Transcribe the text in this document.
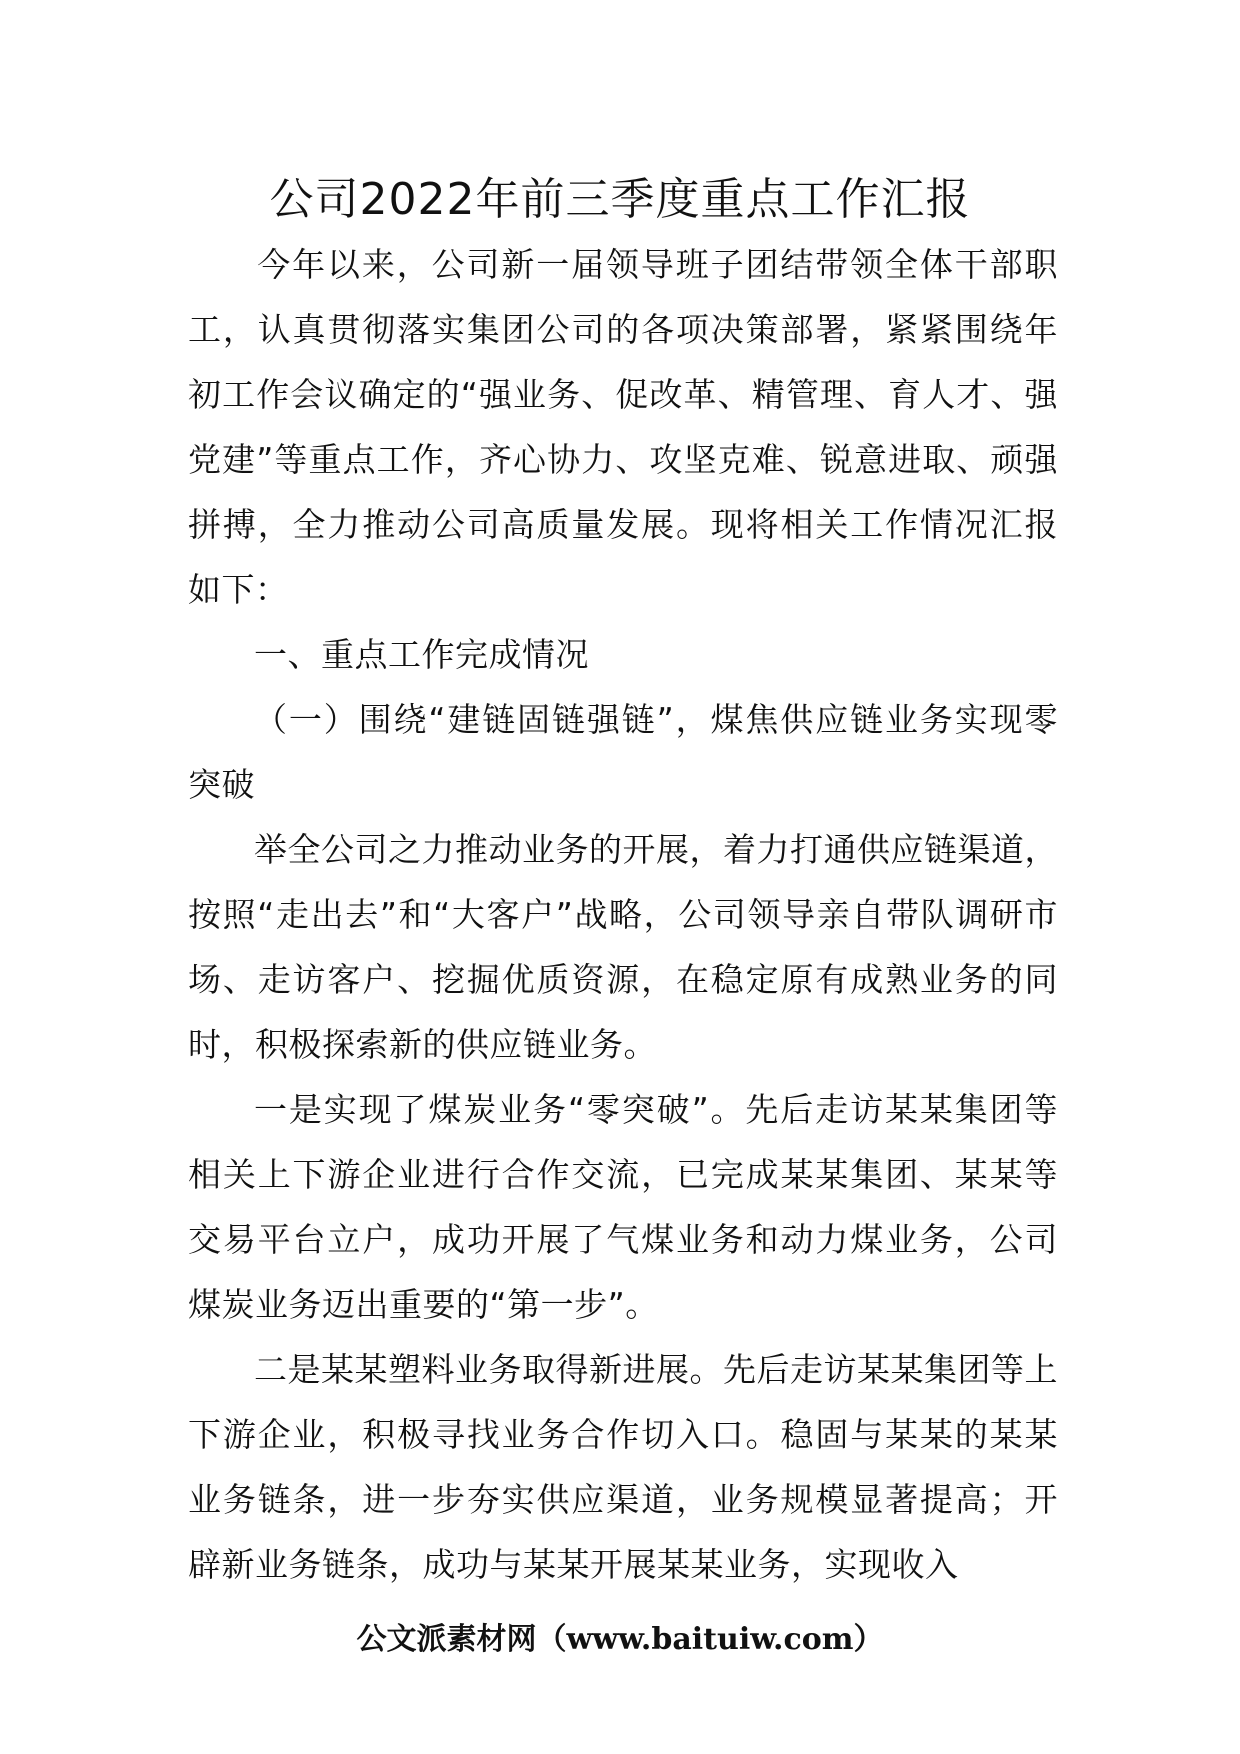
公司2022年前三季度重点工作汇报

今年以来，公司新一届领导班子团结带领全体干部职工，认真贯彻落实集团公司的各项决策部署，紧紧围绕年初工作会议确定的“强业务、促改革、精管理、育人才、强党建”等重点工作，齐心协力、攻坚克难、锐意进取、顽强拼搏，全力推动公司高质量发展。现将相关工作情况汇报如下：

一、重点工作完成情况

（一）围绕“建链固链强链”，煤焦供应链业务实现零突破

举全公司之力推动业务的开展，着力打通供应链渠道，按照“走出去”和“大客户”战略，公司领导亲自带队调研市场、走访客户、挖掘优质资源，在稳定原有成熟业务的同时，积极探索新的供应链业务。

一是实现了煤炭业务“零突破”。先后走访某某集团等相关上下游企业进行合作交流，已完成某某集团、某某等交易平台立户，成功开展了气煤业务和动力煤业务，公司煤炭业务迈出重要的“第一步”。

二是某某塑料业务取得新进展。先后走访某某集团等上下游企业，积极寻找业务合作切入口。稳固与某某的某某业务链条，进一步夯实供应渠道，业务规模显著提高；开辟新业务链条，成功与某某开展某某业务，实现收入

公文派素材网（www.baituiw.com）
